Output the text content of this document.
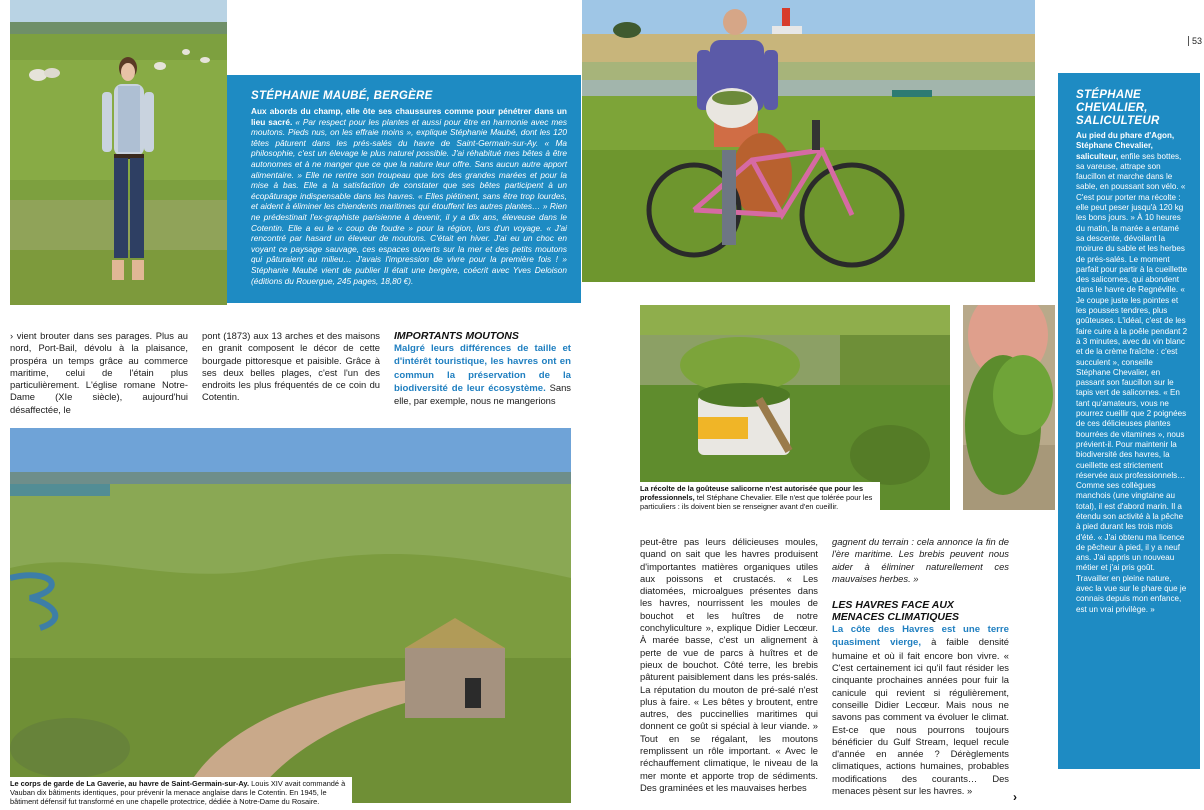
STÉPHANIE MAUBÉ, BERGÈRE
Aux abords du champ, elle ôte ses chaussures comme pour pénétrer dans un lieu sacré. « Par respect pour les plantes et aussi pour être en harmonie avec mes moutons. Pieds nus, on les effraie moins », explique Stéphanie Maubé, dont les 120 têtes pâturent dans les prés-salés du havre de Saint-Germain-sur-Ay. « Ma philosophie, c'est un élevage le plus naturel possible. J'ai réhabitué mes bêtes à être autonomes et à ne manger que ce que la nature leur offre. Sans aucun autre apport alimentaire. » Elle ne rentre son troupeau que lors des grandes marées et pour la mise à bas. Elle a la satisfaction de constater que ses bêtes participent à un écopâturage indispensable dans les havres. « Elles piétinent, sans être trop lourdes, et aident à éliminer les chiendents maritimes qui étouffent les autres plantes… » Rien ne prédestinait l'ex-graphiste parisienne à devenir, il y a dix ans, éleveuse dans le Cotentin. Elle a eu le « coup de foudre » pour la région, lors d'un voyage. « J'ai rencontré par hasard un éleveur de moutons. C'était en hiver. J'ai eu un choc en voyant ce paysage sauvage, ces espaces ouverts sur la mer et des petits moutons qui pâturaient au milieu… J'avais l'impression de vivre pour la première fois ! » Stéphanie Maubé vient de publier Il était une bergère, coécrit avec Yves Deloison (éditions du Rouergue, 245 pages, 18,80 €).
STÉPHANE CHEVALIER, SALICULTEUR
Au pied du phare d'Agon, Stéphane Chevalier, saliculteur, enfile ses bottes, sa vareuse, attrape son faucillon et marche dans le sable, en poussant son vélo. « C'est pour porter ma récolte : elle peut peser jusqu'à 120 kg les bons jours. » À 10 heures du matin, la marée a entamé sa descente, dévoilant la moirure du sable et les herbes de prés-salés. Le moment parfait pour partir à la cueillette des salicornes, qui abondent dans le havre de Regnéville. « Je coupe juste les pointes et les pousses tendres, plus goûteuses. L'idéal, c'est de les faire cuire à la poêle pendant 2 à 3 minutes, avec du vin blanc et de la crème fraîche : c'est succulent », conseille Stéphane Chevalier, en passant son faucillon sur le tapis vert de salicornes. « En tant qu'amateurs, vous ne pourrez cueillir que 2 poignées de ces délicieuses plantes bourrées de vitamines », nous prévient-il. Pour maintenir la biodiversité des havres, la cueillette est strictement réservée aux professionnels… Comme ses collègues manchois (une vingtaine au total), il est d'abord marin. Il a étendu son activité à la pêche à pied durant les trois mois d'été. « J'ai obtenu ma licence de pêcheur à pied, il y a neuf ans. J'ai appris un nouveau métier et j'ai pris goût. Travailler en pleine nature, avec la vue sur le phare que je connais depuis mon enfance, est un vrai privilège. »
53
› vient brouter dans ses parages. Plus au nord, Port-Bail, dévolu à la plaisance, prospéra un temps grâce au commerce maritime, celui de l'étain plus particulièrement. L'église romane Notre-Dame (XIe siècle), aujourd'hui désaffectée, le
pont (1873) aux 13 arches et des maisons en granit composent le décor de cette bourgade pittoresque et paisible. Grâce à ses deux belles plages, c'est l'un des endroits les plus fréquentés de ce coin du Cotentin.
IMPORTANTS MOUTONS
Malgré leurs différences de taille et d'intérêt touristique, les havres ont en commun la préservation de la biodiversité de leur écosystème. Sans elle, par exemple, nous ne mangerions
peut-être pas leurs délicieuses moules, quand on sait que les havres produisent d'importantes matières organiques utiles aux poissons et crustacés. « Les diatomées, microalgues présentes dans les havres, nourrissent les moules de bouchot et les huîtres de notre conchyliculture », explique Didier Lecœur. À marée basse, c'est un alignement à perte de vue de parcs à huîtres et de pieux de bouchot. Côté terre, les brebis pâturent paisiblement dans les prés-salés. La réputation du mouton de pré-salé n'est plus à faire. « Les bêtes y broutent, entre autres, des puccinellies maritimes qui donnent ce goût si spécial à leur viande. » Tout en se régalant, les moutons remplissent un rôle important. « Avec le réchauffement climatique, le niveau de la mer monte et apporte trop de sédiments. Des graminées et les mauvaises herbes
gagnent du terrain : cela annonce la fin de l'ère maritime. Les brebis peuvent nous aider à éliminer naturellement ces mauvaises herbes. »
LES HAVRES FACE AUX MENACES CLIMATIQUES
La côte des Havres est une terre quasiment vierge, à faible densité humaine et où il fait encore bon vivre. « C'est certainement ici qu'il faut résider les cinquante prochaines années pour fuir la canicule qui revient si régulièrement, conseille Didier Lecœur. Mais nous ne savons pas comment va évoluer le climat. Est-ce que nous pourrons toujours bénéficier du Gulf Stream, lequel recule d'année en année ? Dérèglements climatiques, actions humaines, probables modifications des courants… Des menaces pèsent sur les havres. »	›
Le corps de garde de La Gaverie, au havre de Saint-Germain-sur-Ay. Louis XIV avait commandé à Vauban dix bâtiments identiques, pour prévenir la menace anglaise dans le Cotentin. En 1945, le bâtiment défensif fut transformé en une chapelle protectrice, dédiée à Notre-Dame du Rosaire.
La récolte de la goûteuse salicorne n'est autorisée que pour les professionnels, tel Stéphane Chevalier. Elle n'est que tolérée pour les particuliers : ils doivent bien se renseigner avant d'en cueillir.
